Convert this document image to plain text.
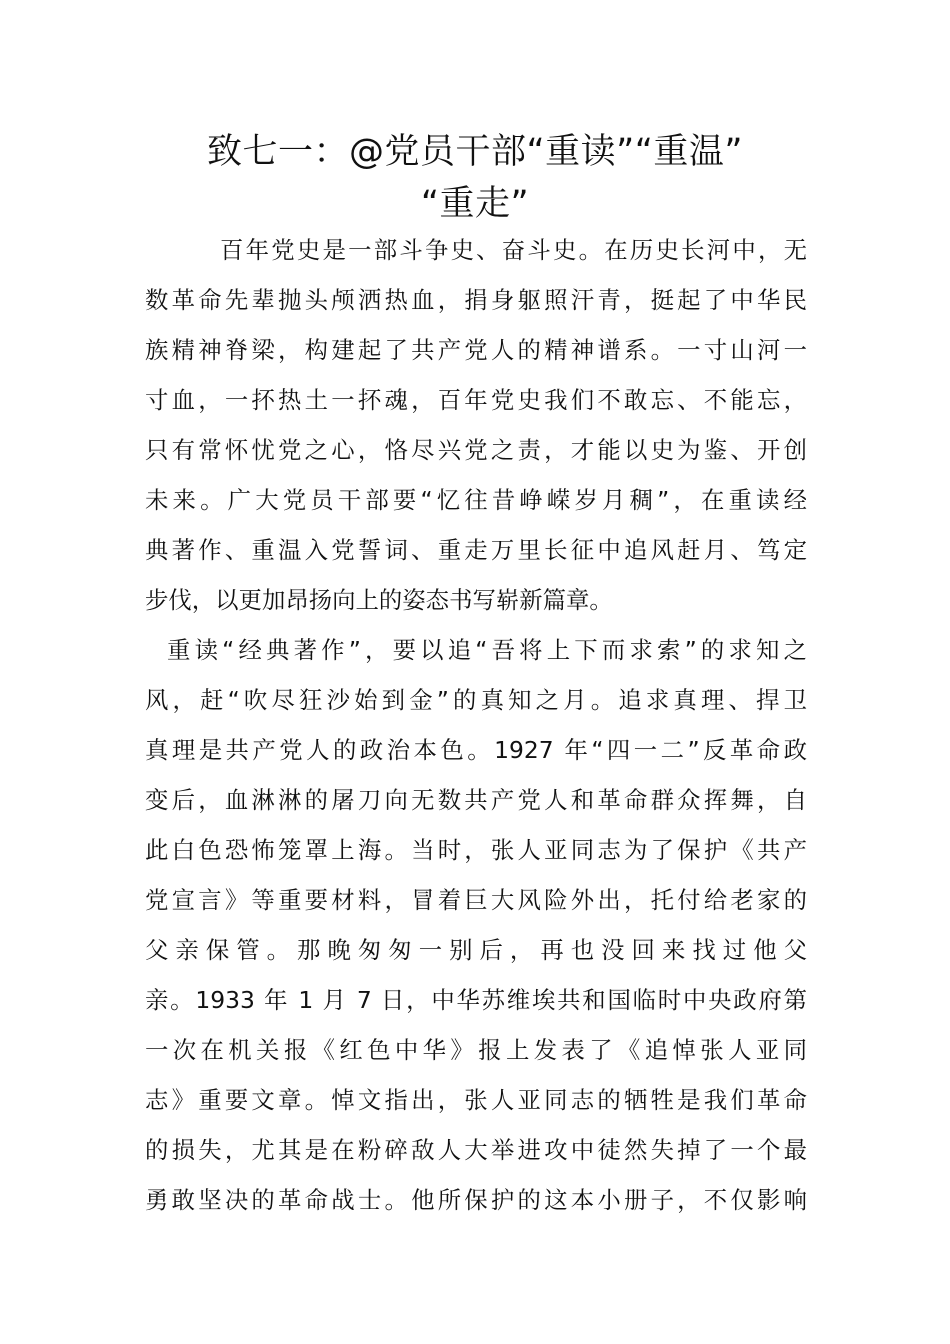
致七一：@党员干部“重读”“重温”
“重走”
百年党史是一部斗争史、奋斗史。在历史长河中，无
数革命先辈抛头颅洒热血，捐身躯照汗青，挺起了中华民
族精神脊梁，构建起了共产党人的精神谱系。一寸山河一
寸血，一抔热土一抔魂，百年党史我们不敢忘、不能忘，
只有常怀忧党之心，恪尽兴党之责，才能以史为鉴、开创
未来。广大党员干部要“忆往昔峥嵘岁月稠”，在重读经
典著作、重温入党誓词、重走万里长征中追风赶月、笃定
步伐，以更加昂扬向上的姿态书写崭新篇章。
重读“经典著作”，要以追“吾将上下而求索”的求知之
风，赶“吹尽狂沙始到金”的真知之月。追求真理、捍卫
真理是共产党人的政治本色。1927 年“四一二”反革命政
变后，血淋淋的屠刀向无数共产党人和革命群众挥舞，自
此白色恐怖笼罩上海。当时，张人亚同志为了保护《共产
党宣言》等重要材料，冒着巨大风险外出，托付给老家的
父亲保管。那晚匆匆一别后，再也没回来找过他父
亲。1933 年 1 月 7 日，中华苏维埃共和国临时中央政府第
一次在机关报《红色中华》报上发表了《追悼张人亚同
志》重要文章。悼文指出，张人亚同志的牺牲是我们革命
的损失，尤其是在粉碎敌人大举进攻中徒然失掉了一个最
勇敢坚决的革命战士。他所保护的这本小册子，不仅影响
